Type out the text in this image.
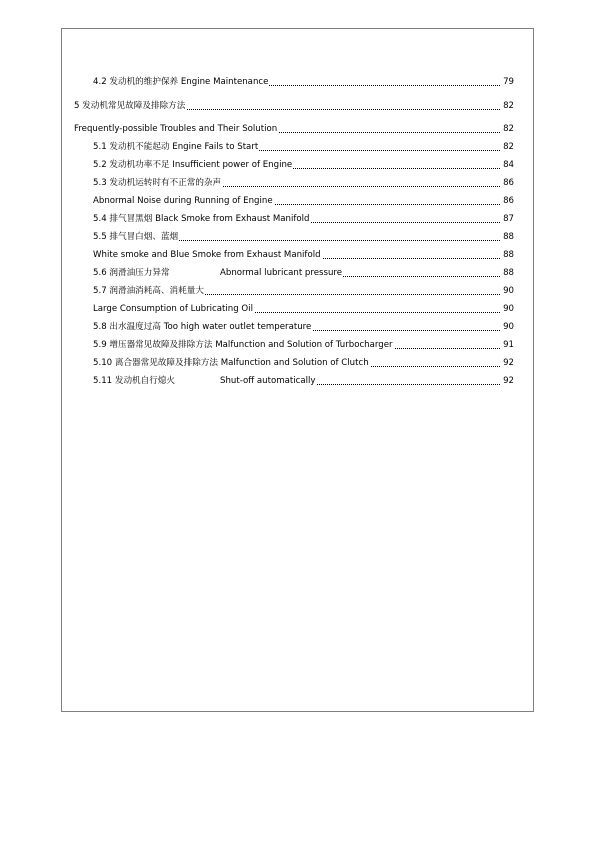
4.2 发动机的维护保养 Engine Maintenance	79
5 发动机常见故障及排除方法	82
Frequently-possible Troubles and Their Solution	82
5.1 发动机不能起动 Engine Fails to Start	82
5.2 发动机功率不足 Insufficient power of Engine	84
5.3 发动机运转时有不正常的杂声	86
Abnormal Noise during Running of Engine	86
5.4 排气冒黑烟 Black Smoke from Exhaust Manifold	87
5.5 排气冒白烟、蓝烟	88
White smoke and Blue Smoke from Exhaust Manifold	88
5.6 润滑油压力异常	Abnormal lubricant pressure	88
5.7 润滑油消耗高、消耗量大	90
Large Consumption of Lubricating Oil	90
5.8 出水温度过高 Too high water outlet temperature	90
5.9 增压器常见故障及排除方法 Malfunction and Solution of Turbocharger	91
5.10 离合器常见故障及排除方法 Malfunction and Solution of Clutch	92
5.11 发动机自行熄火	Shut-off automatically	92
